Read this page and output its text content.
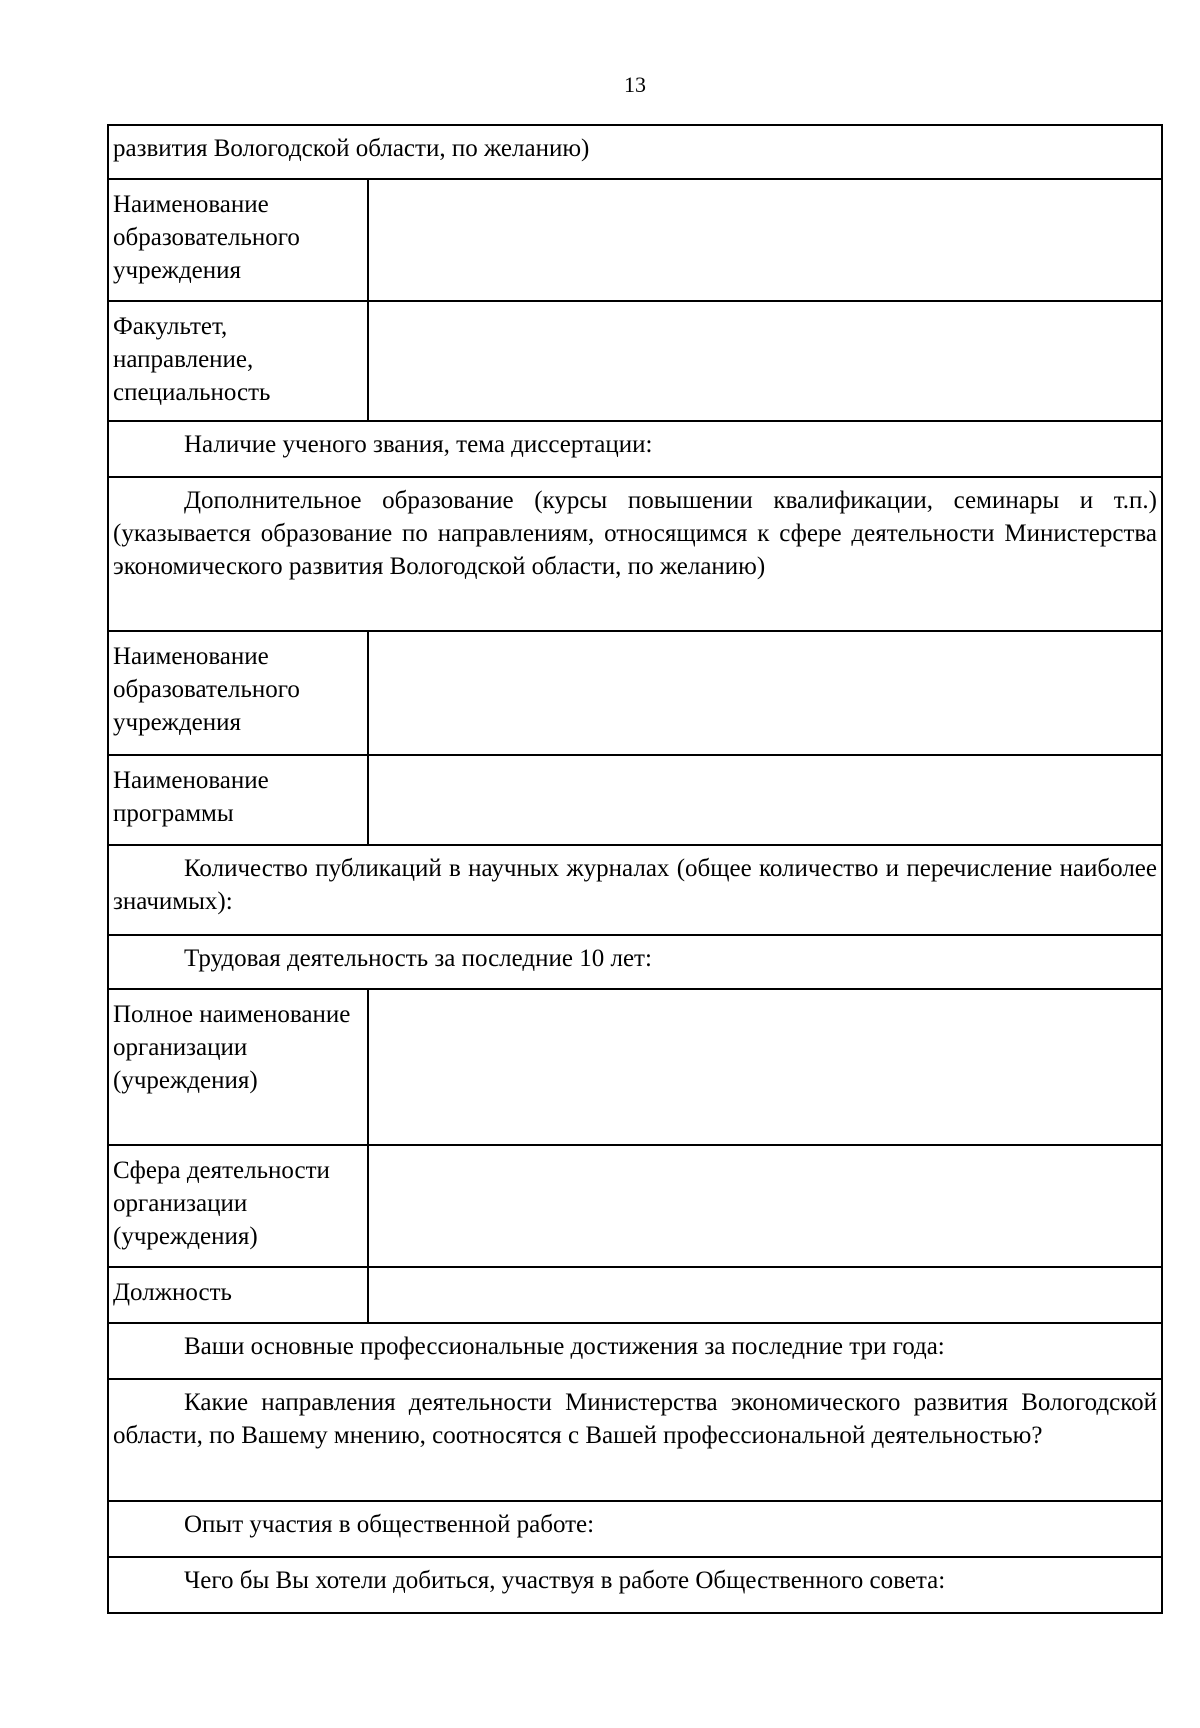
13
развития Вологодской области, по желанию)
Наименование образовательного учреждения
Факультет, направление, специальность
Наличие ученого звания, тема диссертации:
Дополнительное образование (курсы повышении квалификации, семинары и т.п.) (указывается образование по направлениям, относящимся к сфере деятельности Министерства экономического развития Вологодской области, по желанию)
Наименование образовательного учреждения
Наименование программы
Количество публикаций в научных журналах (общее количество и перечисление наиболее значимых):
Трудовая деятельность за последние 10 лет:
Полное наименование организации (учреждения)
Сфера деятельности организации (учреждения)
Должность
Ваши основные профессиональные достижения за последние три года:
Какие направления деятельности Министерства экономического развития Вологодской области, по Вашему мнению, соотносятся с Вашей профессиональной деятельностью?
Опыт участия в общественной работе:
Чего бы Вы хотели добиться, участвуя в работе Общественного совета:
